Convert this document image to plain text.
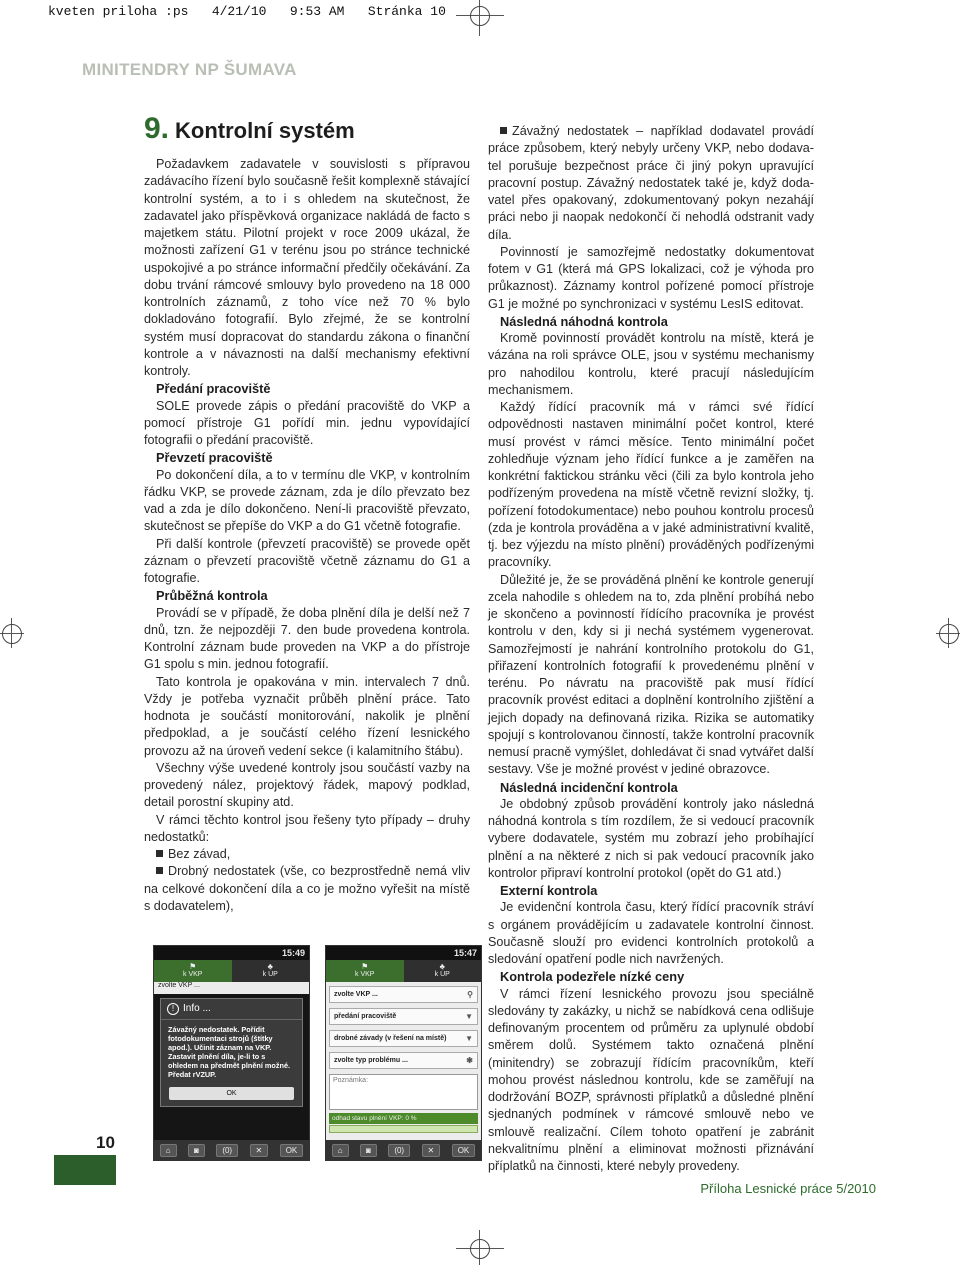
kveten priloha :ps   4/21/10   9:53 AM   Stránka 10
MINITENDRY NP ŠUMAVA
9. Kontrolní systém

Požadavkem zadavatele v souvislosti s přípravou zadávacího řízení bylo současně řešit komplexně stávající kontrolní systém, a to i s ohledem na skutečnost, že zadavatel jako příspěvková organizace nakládá de facto s majetkem státu. Pilotní projekt v roce 2009 ukázal, že možnosti zařízení G1 v terénu jsou po stránce technické uspokojivé a po stránce informační předčily očekávání. Za dobu trvání rámcové smlouvy bylo provedeno na 18 000 kontrolních záznamů, z toho více než 70 % bylo dokladováno fotografií. Bylo zřejmé, že se kontrolní systém musí dopracovat do standardu zákona o finanční kontrole a v návaznosti na další mechanismy efektivní kontroly.

Předání pracoviště

SOLE provede zápis o předání pracoviště do VKP a pomocí přístroje G1 pořídí min. jednu vypovídající fotografii o předání pracoviště.

Převzetí pracoviště

Po dokončení díla, a to v termínu dle VKP, v kontrolním řádku VKP, se provede záznam, zda je dílo převzato bez vad a zda je dílo dokončeno. Není-li pracoviště převzato, skutečnost se přepíše do VKP a do G1 včetně fotografie.

Při další kontrole (převzetí pracoviště) se provede opět záznam o převzetí pracoviště včetně záznamu do G1 a fotografie.

Průběžná kontrola

Provádí se v případě, že doba plnění díla je delší než 7 dnů, tzn. že nejpozději 7. den bude provedena kontrola. Kontrolní záznam bude proveden na VKP a do přístroje G1 spolu s min. jednou fotografií.

Tato kontrola je opakována v min. intervalech 7 dnů. Vždy je potřeba vyznačit průběh plnění práce. Tato hodnota je součástí monitorování, nakolik je plnění předpoklad, a je součástí celého řízení lesnického provozu až na úroveň vedení sekce (i kalamitního štábu).

Všechny výše uvedené kontroly jsou součástí vazby na provedený nález, projektový řádek, mapový podklad, detail porostní skupiny atd.

V rámci těchto kontrol jsou řešeny tyto případy – druhy nedostatků:

Bez závad,

Drobný nedostatek (vše, co bezprostředně nemá vliv na celkové dokončení díla a co je možno vyřešit na místě s dodavatelem),

Závažný nedostatek – například dodavatel provádí práce způsobem, který nebyly určeny VKP, nebo dodavatel porušuje bezpečnost práce či jiný pokyn upravující pracovní postup. Závažný nedostatek také je, když dodavatel přes opakovaný, zdokumentovaný pokyn nezahájí práci nebo ji naopak nedokončí či nehodlá odstranit vady díla.

Povinností je samozřejmě nedostatky dokumentovat fotem v G1 (která má GPS lokalizaci, což je výhoda pro průkaznost). Záznamy kontrol pořízené pomocí přístroje G1 je možné po synchronizaci v systému LesIS editovat.

Následná náhodná kontrola

Kromě povinností provádět kontrolu na místě, která je vázána na roli správce OLE, jsou v systému mechanismy pro nahodilou kontrolu, které pracují následujícím mechanismem.

Každý řídící pracovník má v rámci své řídící odpovědnosti nastaven minimální počet kontrol, které musí provést v rámci měsíce. Tento minimální počet zohledňuje význam jeho řídící funkce a je zaměřen na konkrétní faktickou stránku věci (čili za bylo kontrola jeho podřízeným provedena na místě včetně revizní složky, tj. pořízení fotodokumentace) nebo pouhou kontrolu procesů (zda je kontrola prováděna a v jaké administrativní kvalitě, tj. bez výjezdu na místo plnění) prováděných podřízenými pracovníky.

Důležité je, že se prováděná plnění ke kontrole generují zcela nahodile s ohledem na to, zda plnění probíhá nebo je skončeno a povinností řídícího pracovníka je provést kontrolu v den, kdy si ji nechá systémem vygenerovat. Samozřejmostí je nahrání kontrolního protokolu do G1, přiřazení kontrolních fotografií k provedenému plnění v terénu. Po návratu na pracoviště pak musí řídící pracovník provést editaci a doplnění kontrolního zjištění a jejich dopady na definovaná rizika. Rizika se automatiky spojují s kontrolovanou činností, takže kontrolní pracovník nemusí pracně vymýšlet, dohledávat či snad vytvářet další sestavy. Vše je možné provést v jediné obrazovce.

Následná incidenční kontrola

Je obdobný způsob provádění kontroly jako následná náhodná kontrola s tím rozdílem, že si vedoucí pracovník vybere dodavatele, systém mu zobrazí jeho probíhající plnění a na některé z nich si pak vedoucí pracovník jako kontrolor připraví kontrolní protokol (opět do G1 atd.)

Externí kontrola

Je evidenční kontrola času, který řídící pracovník stráví s orgánem provádějícím u zadavatele kontrolní činnost. Současně slouží pro evidenci kontrolních protokolů a sledování opatření podle nich navržených.

Kontrola podezřele nízké ceny

V rámci řízení lesnického provozu jsou speciálně sledovány ty zakázky, u nichž se nabídková cena odlišuje definovaným procentem od průměru za uplynulé období směrem dolů. Systémem takto označená plnění (minitendry) se zobrazují řídícím pracovníkům, kteří mohou provést následnou kontrolu, kde se zaměřují na dodržování BOZP, správnosti příplatků a důsledné plnění sjednaných podmínek v rámcové smlouvě nebo ve smlouvě realizační. Cílem tohoto opatření je zabránit nekvalitnímu plnění a eliminovat možnosti přiznávání příplatků na činnosti, které nebyly provedeny.

15:49
⚑
k VKP
♣
k ÚP
zvolte VKP ...
! Info ...
Závažný nedostatek. Pořídit fotodokumentaci strojů (štítky apod.). Učinit záznam na VKP. Zastavit plnění díla, je-li to s ohledem na předmět plnění možné. Předat rVZUP.
OK
⌂	◙	(0)	✕	OK
15:47
⚑
k VKP
♣
k ÚP
zvolte VKP ...	⚲
předání pracoviště	▼
drobné závady (v řešení na místě) ▼
zvolte typ problému ...	✱
Poznámka:
odhad stavu plnění VKP: 0 %
⌂	◙	(0)	✕	OK
10
Příloha Lesnické práce 5/2010
